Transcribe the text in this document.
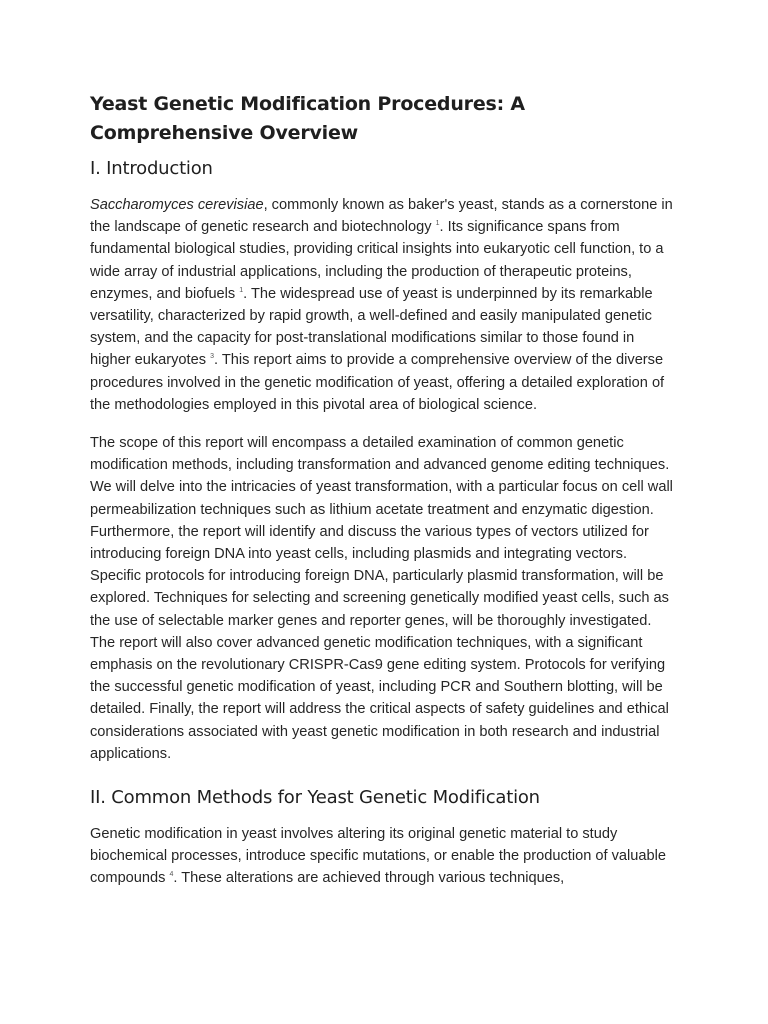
Yeast Genetic Modification Procedures: A Comprehensive Overview
I. Introduction

Saccharomyces cerevisiae, commonly known as baker's yeast, stands as a cornerstone in the landscape of genetic research and biotechnology $^1$. Its significance spans from fundamental biological studies, providing critical insights into eukaryotic cell function, to a wide array of industrial applications, including the production of therapeutic proteins, enzymes, and biofuels $^1$. The widespread use of yeast is underpinned by its remarkable versatility, characterized by rapid growth, a well-defined and easily manipulated genetic system, and the capacity for post-translational modifications similar to those found in higher eukaryotes $^3$. This report aims to provide a comprehensive overview of the diverse procedures involved in the genetic modification of yeast, offering a detailed exploration of the methodologies employed in this pivotal area of biological science.

The scope of this report will encompass a detailed examination of common genetic modification methods, including transformation and advanced genome editing techniques. We will delve into the intricacies of yeast transformation, with a particular focus on cell wall permeabilization techniques such as lithium acetate treatment and enzymatic digestion. Furthermore, the report will identify and discuss the various types of vectors utilized for introducing foreign DNA into yeast cells, including plasmids and integrating vectors. Specific protocols for introducing foreign DNA, particularly plasmid transformation, will be explored. Techniques for selecting and screening genetically modified yeast cells, such as the use of selectable marker genes and reporter genes, will be thoroughly investigated. The report will also cover advanced genetic modification techniques, with a significant emphasis on the revolutionary CRISPR-Cas9 gene editing system. Protocols for verifying the successful genetic modification of yeast, including PCR and Southern blotting, will be detailed. Finally, the report will address the critical aspects of safety guidelines and ethical considerations associated with yeast genetic modification in both research and industrial applications.

II. Common Methods for Yeast Genetic Modification

Genetic modification in yeast involves altering its original genetic material to study biochemical processes, introduce specific mutations, or enable the production of valuable compounds $^4$. These alterations are achieved through various techniques,
